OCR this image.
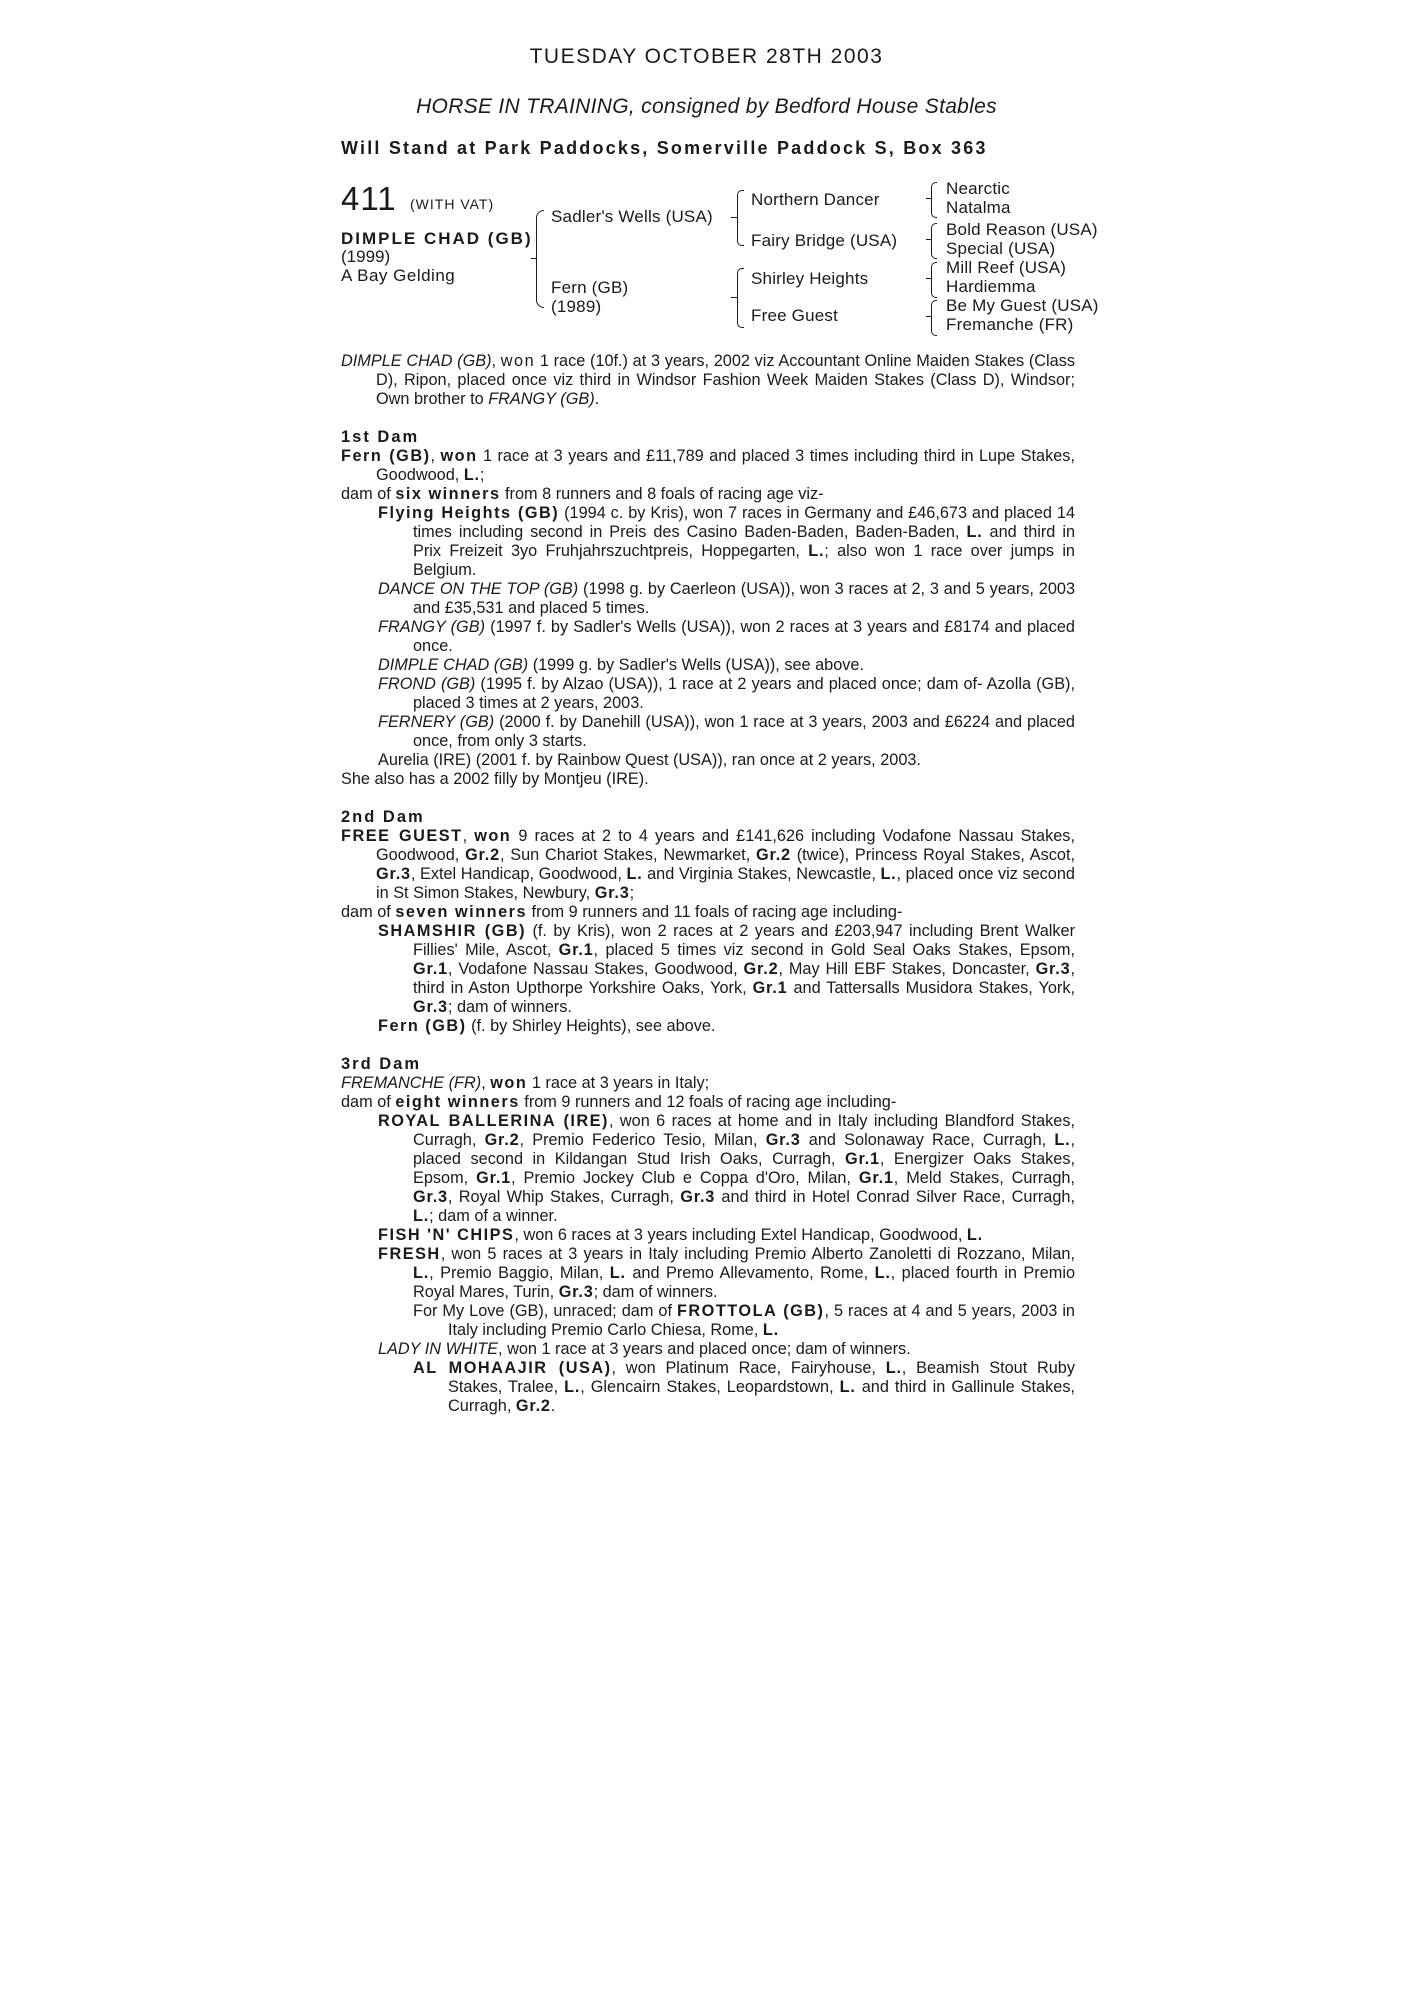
TUESDAY OCTOBER 28TH 2003
HORSE IN TRAINING, consigned by Bedford House Stables
Will Stand at Park Paddocks, Somerville Paddock S, Box 363
411 (WITH VAT)
DIMPLE CHAD (GB)
(1999)
A Bay Gelding
Sadler's Wells (USA)
Fern (GB)
(1989)
Northern Dancer
Fairy Bridge (USA)
Shirley Heights
Free Guest
Nearctic
Natalma
Bold Reason (USA)
Special (USA)
Mill Reef (USA)
Hardiemma
Be My Guest (USA)
Fremanche (FR)

DIMPLE CHAD (GB), won 1 race (10f.) at 3 years, 2002 viz Accountant Online Maiden Stakes (Class D), Ripon, placed once viz third in Windsor Fashion Week Maiden Stakes (Class D), Windsor; Own brother to FRANGY (GB).

1st Dam

Fern (GB), won 1 race at 3 years and £11,789 and placed 3 times including third in Lupe Stakes, Goodwood, L.;

dam of six winners from 8 runners and 8 foals of racing age viz-

Flying Heights (GB) (1994 c. by Kris), won 7 races in Germany and £46,673 and placed 14 times including second in Preis des Casino Baden-Baden, Baden-Baden, L. and third in Prix Freizeit 3yo Fruhjahrszuchtpreis, Hoppegarten, L.; also won 1 race over jumps in Belgium.

DANCE ON THE TOP (GB) (1998 g. by Caerleon (USA)), won 3 races at 2, 3 and 5 years, 2003 and £35,531 and placed 5 times.

FRANGY (GB) (1997 f. by Sadler's Wells (USA)), won 2 races at 3 years and £8174 and placed once.

DIMPLE CHAD (GB) (1999 g. by Sadler's Wells (USA)), see above.

FROND (GB) (1995 f. by Alzao (USA)), 1 race at 2 years and placed once; dam of- Azolla (GB), placed 3 times at 2 years, 2003.

FERNERY (GB) (2000 f. by Danehill (USA)), won 1 race at 3 years, 2003 and £6224 and placed once, from only 3 starts.

Aurelia (IRE) (2001 f. by Rainbow Quest (USA)), ran once at 2 years, 2003.

She also has a 2002 filly by Montjeu (IRE).

2nd Dam

FREE GUEST, won 9 races at 2 to 4 years and £141,626 including Vodafone Nassau Stakes, Goodwood, Gr.2, Sun Chariot Stakes, Newmarket, Gr.2 (twice), Princess Royal Stakes, Ascot, Gr.3, Extel Handicap, Goodwood, L. and Virginia Stakes, Newcastle, L., placed once viz second in St Simon Stakes, Newbury, Gr.3;

dam of seven winners from 9 runners and 11 foals of racing age including-

SHAMSHIR (GB) (f. by Kris), won 2 races at 2 years and £203,947 including Brent Walker Fillies' Mile, Ascot, Gr.1, placed 5 times viz second in Gold Seal Oaks Stakes, Epsom, Gr.1, Vodafone Nassau Stakes, Goodwood, Gr.2, May Hill EBF Stakes, Doncaster, Gr.3, third in Aston Upthorpe Yorkshire Oaks, York, Gr.1 and Tattersalls Musidora Stakes, York, Gr.3; dam of winners.

Fern (GB) (f. by Shirley Heights), see above.

3rd Dam

FREMANCHE (FR), won 1 race at 3 years in Italy;

dam of eight winners from 9 runners and 12 foals of racing age including-

ROYAL BALLERINA (IRE), won 6 races at home and in Italy including Blandford Stakes, Curragh, Gr.2, Premio Federico Tesio, Milan, Gr.3 and Solonaway Race, Curragh, L., placed second in Kildangan Stud Irish Oaks, Curragh, Gr.1, Energizer Oaks Stakes, Epsom, Gr.1, Premio Jockey Club e Coppa d'Oro, Milan, Gr.1, Meld Stakes, Curragh, Gr.3, Royal Whip Stakes, Curragh, Gr.3 and third in Hotel Conrad Silver Race, Curragh, L.; dam of a winner.

FISH 'N' CHIPS, won 6 races at 3 years including Extel Handicap, Goodwood, L.

FRESH, won 5 races at 3 years in Italy including Premio Alberto Zanoletti di Rozzano, Milan, L., Premio Baggio, Milan, L. and Premo Allevamento, Rome, L., placed fourth in Premio Royal Mares, Turin, Gr.3; dam of winners.

For My Love (GB), unraced; dam of FROTTOLA (GB), 5 races at 4 and 5 years, 2003 in Italy including Premio Carlo Chiesa, Rome, L.

LADY IN WHITE, won 1 race at 3 years and placed once; dam of winners.

AL MOHAAJIR (USA), won Platinum Race, Fairyhouse, L., Beamish Stout Ruby Stakes, Tralee, L., Glencairn Stakes, Leopardstown, L. and third in Gallinule Stakes, Curragh, Gr.2.
